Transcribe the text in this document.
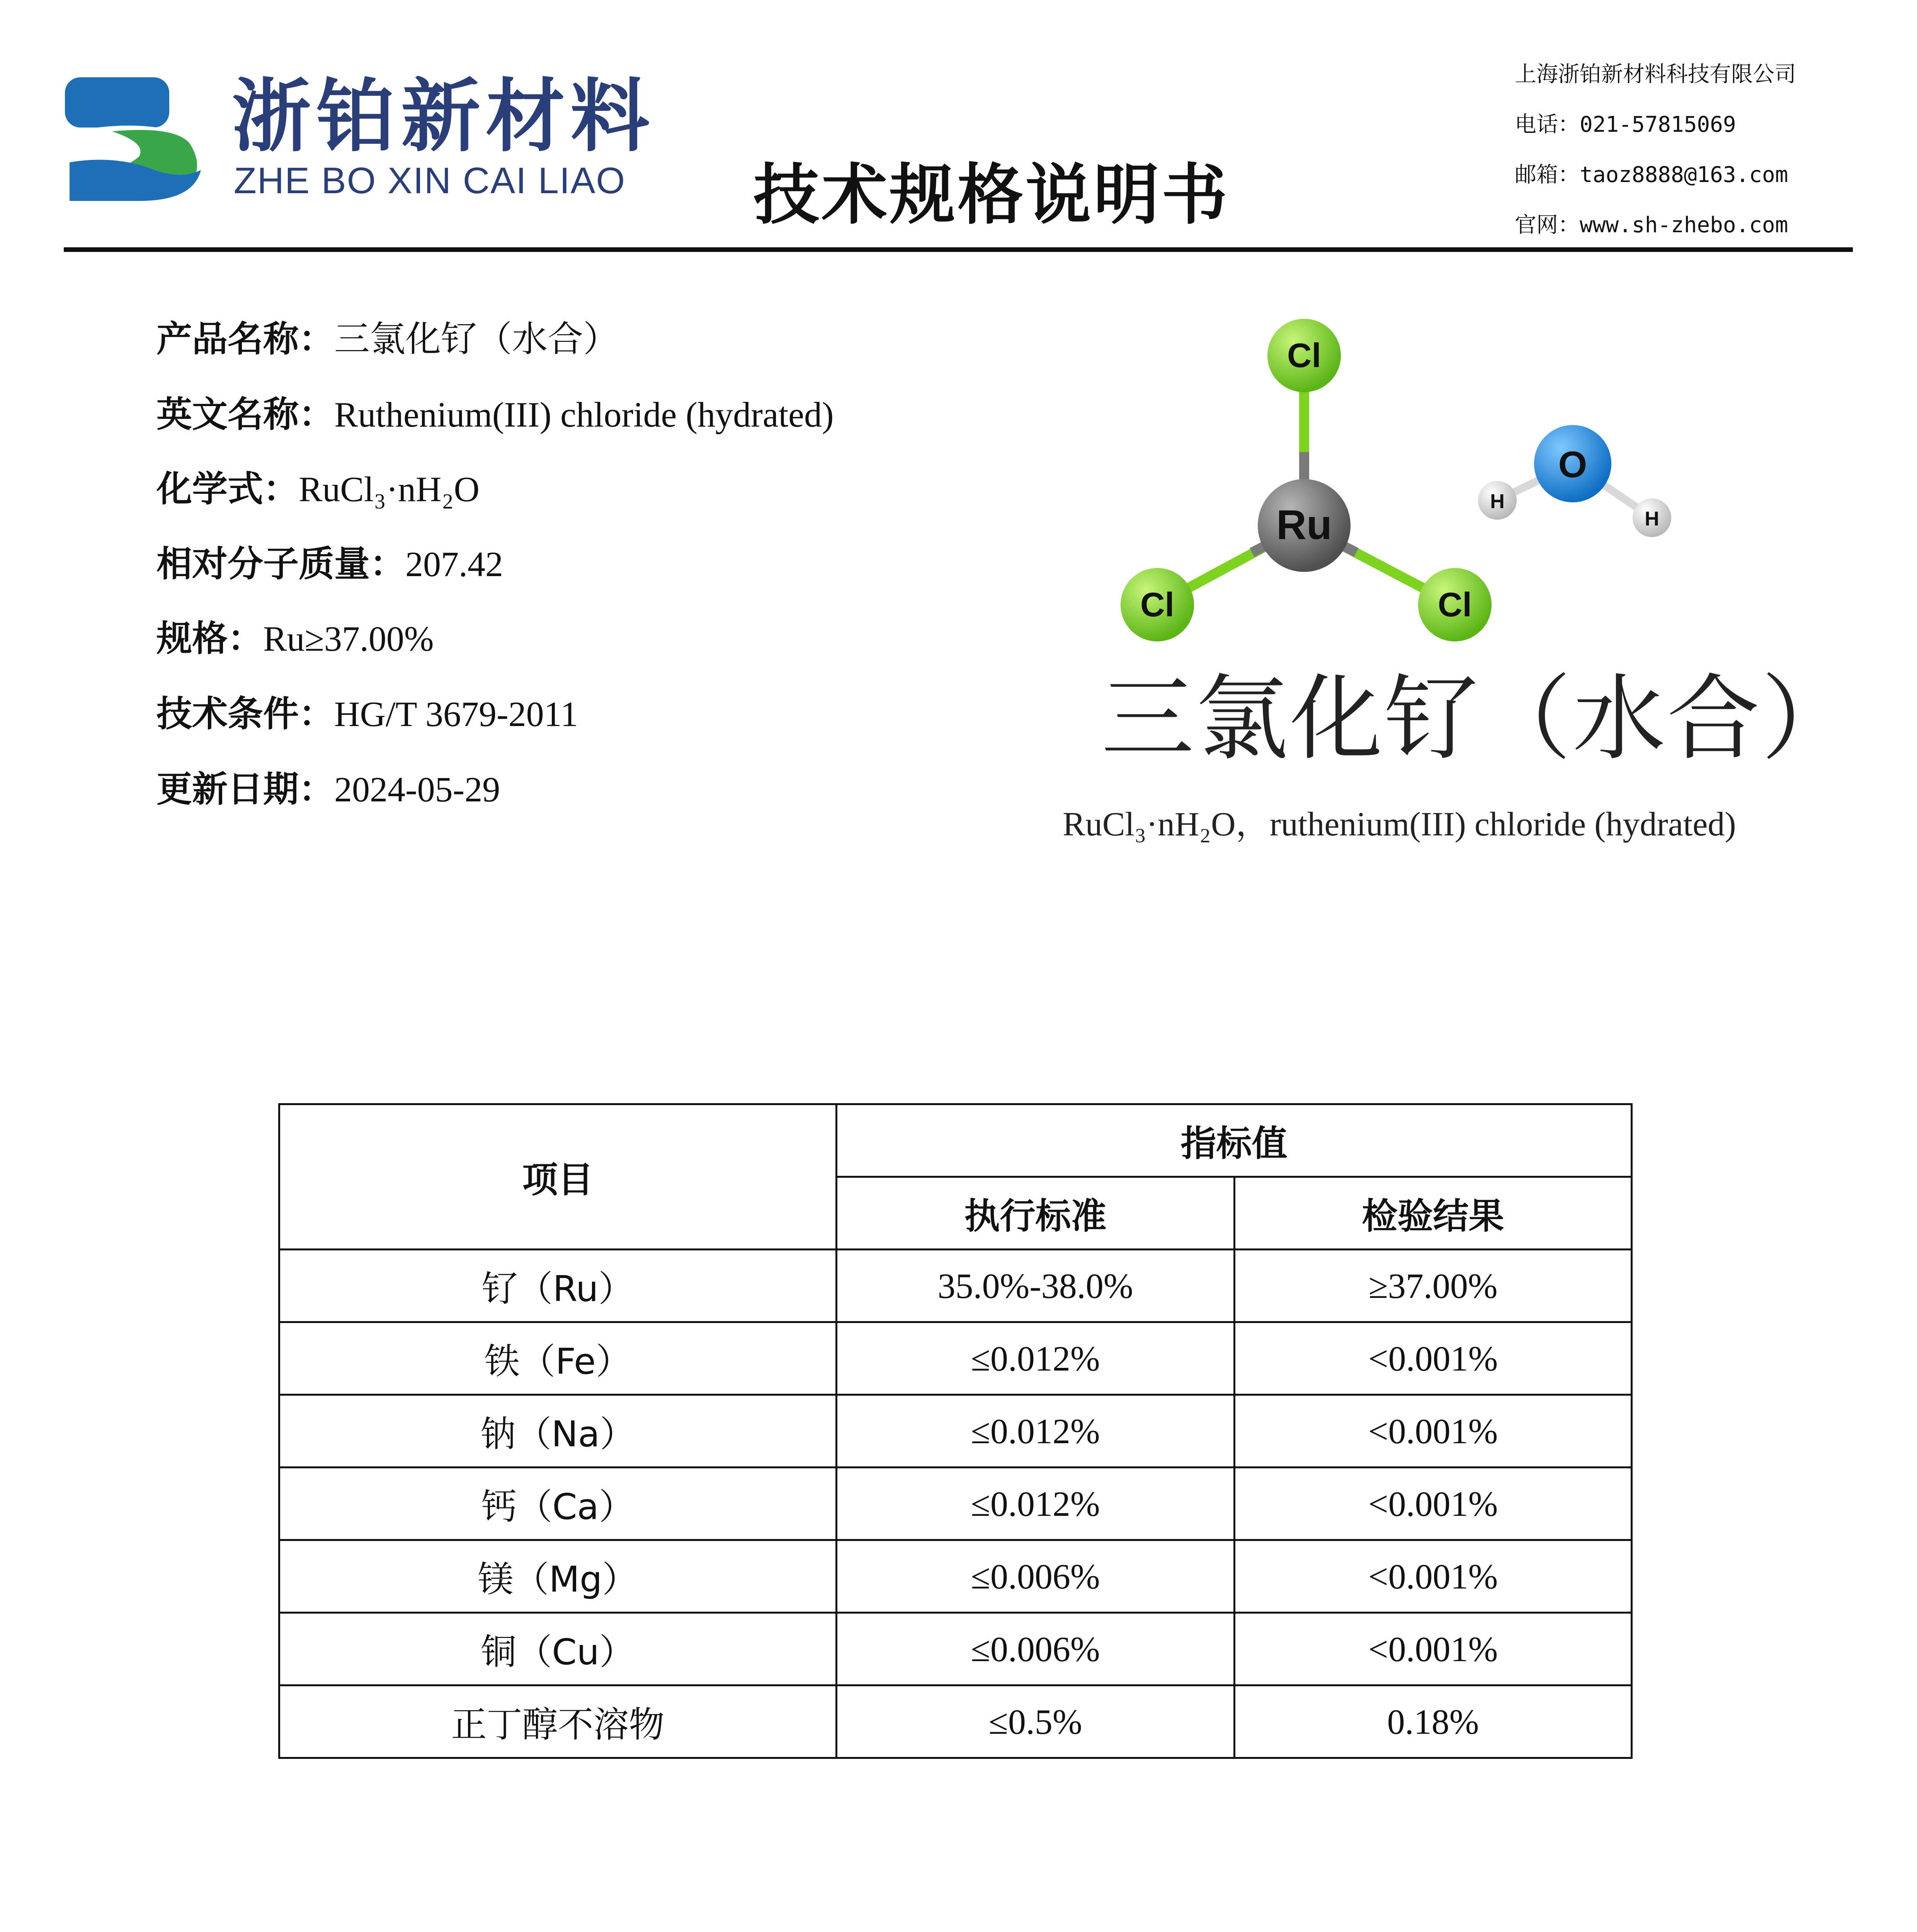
浙铂新材料
ZHE BO XIN CAI LIAO 技术规格说明书
上海浙铂新材料科技有限公司
电话：021-57815069
邮箱：taoz8888@163.com
官网：www.sh-zhebo.com
产品名称：三氯化钌（水合）
英文名称：Ruthenium(III) chloride (hydrated)
化学式：RuCl₃·nH₂O
相对分子质量：207.42
规格：Ru≥37.00%
技术条件：HG/T 3679-2011
更新日期：2024-05-29
Cl
Cl	Cl
Ru
O
H
H
三氯化钌（水合）
RuCl₃·nH₂O，ruthenium(III) chloride (hydrated)
项目	指标值	
	执行标准	检验结果
钌（Ru）	35.0%-38.0%	≥37.00%
铁（Fe）	≤0.012%	<0.001%
钠（Na）	≤0.012%	<0.001%
钙（Ca）	≤0.012%	<0.001%
镁（Mg）	≤0.006%	<0.001%
铜（Cu）	≤0.006%	<0.001%
正丁醇不溶物	≤0.5%	0.18%
